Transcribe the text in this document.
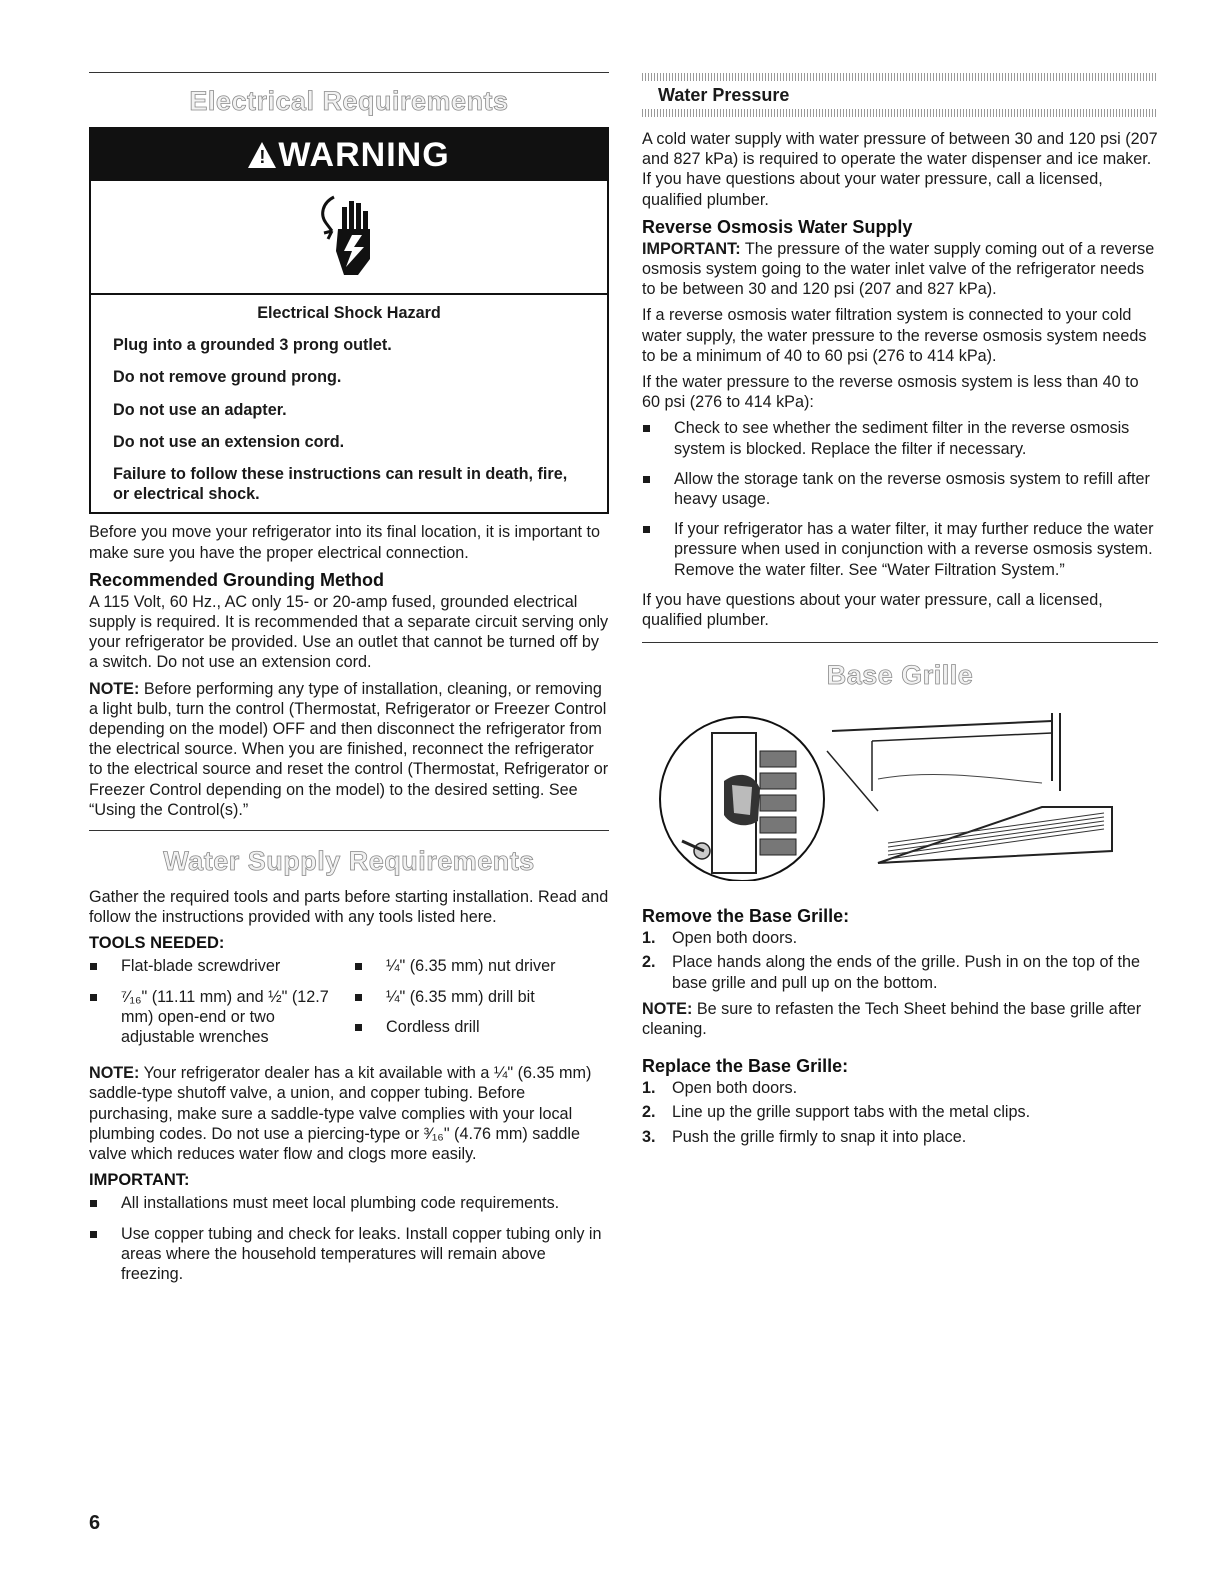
Electrical Requirements
! WARNING

Electrical Shock Hazard

Plug into a grounded 3 prong outlet.

Do not remove ground prong.

Do not use an adapter.

Do not use an extension cord.

Failure to follow these instructions can result in death, fire, or electrical shock.

Before you move your refrigerator into its final location, it is important to make sure you have the proper electrical connection.

Recommended Grounding Method

A 115 Volt, 60 Hz., AC only 15- or 20-amp fused, grounded electrical supply is required. It is recommended that a separate circuit serving only your refrigerator be provided. Use an outlet that cannot be turned off by a switch. Do not use an extension cord.

NOTE: Before performing any type of installation, cleaning, or removing a light bulb, turn the control (Thermostat, Refrigerator or Freezer Control depending on the model) OFF and then disconnect the refrigerator from the electrical source. When you are finished, reconnect the refrigerator to the electrical source and reset the control (Thermostat, Refrigerator or Freezer Control depending on the model) to the desired setting. See “Using the Control(s).”

Water Supply Requirements

Gather the required tools and parts before starting installation. Read and follow the instructions provided with any tools listed here.

TOOLS NEEDED:
Flat-blade screwdriver
⁷⁄₁₆" (11.11 mm) and ½" (12.7 mm) open-end or two adjustable wrenches
¼" (6.35 mm) nut driver
¼" (6.35 mm) drill bit
Cordless drill

NOTE: Your refrigerator dealer has a kit available with a ¼" (6.35 mm) saddle-type shutoff valve, a union, and copper tubing. Before purchasing, make sure a saddle-type valve complies with your local plumbing codes. Do not use a piercing-type or ³⁄₁₆" (4.76 mm) saddle valve which reduces water flow and clogs more easily.

IMPORTANT:
All installations must meet local plumbing code requirements.
Use copper tubing and check for leaks. Install copper tubing only in areas where the household temperatures will remain above freezing.
Water Pressure

A cold water supply with water pressure of between 30 and 120 psi (207 and 827 kPa) is required to operate the water dispenser and ice maker. If you have questions about your water pressure, call a licensed, qualified plumber.

Reverse Osmosis Water Supply

IMPORTANT: The pressure of the water supply coming out of a reverse osmosis system going to the water inlet valve of the refrigerator needs to be between 30 and 120 psi (207 and 827 kPa).

If a reverse osmosis water filtration system is connected to your cold water supply, the water pressure to the reverse osmosis system needs to be a minimum of 40 to 60 psi (276 to 414 kPa).

If the water pressure to the reverse osmosis system is less than 40 to 60 psi (276 to 414 kPa):

Check to see whether the sediment filter in the reverse osmosis system is blocked. Replace the filter if necessary.
Allow the storage tank on the reverse osmosis system to refill after heavy usage.
If your refrigerator has a water filter, it may further reduce the water pressure when used in conjunction with a reverse osmosis system. Remove the water filter. See “Water Filtration System.”

If you have questions about your water pressure, call a licensed, qualified plumber.

Base Grille
Remove the Base Grille:
1. Open both doors.
2. Place hands along the ends of the grille. Push in on the top of the base grille and pull up on the bottom.

NOTE: Be sure to refasten the Tech Sheet behind the base grille after cleaning.

Replace the Base Grille:
1. Open both doors.
2. Line up the grille support tabs with the metal clips.
3. Push the grille firmly to snap it into place.
6
